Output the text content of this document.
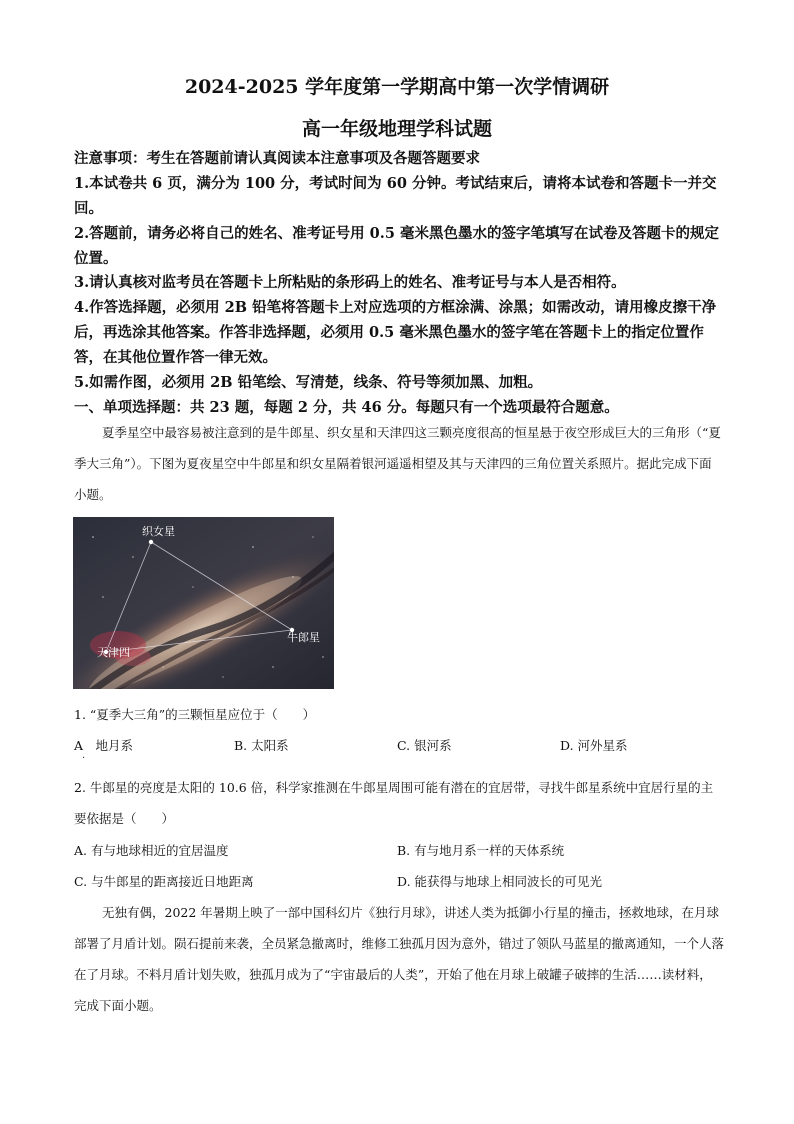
2024-2025 学年度第一学期高中第一次学情调研
高一年级地理学科试题
注意事项：考生在答题前请认真阅读本注意事项及各题答题要求
1.本试卷共 6 页，满分为 100 分，考试时间为 60 分钟。考试结束后，请将本试卷和答题卡一并交回。
2.答题前，请务必将自己的姓名、准考证号用 0.5 毫米黑色墨水的签字笔填写在试卷及答题卡的规定位置。
3.请认真核对监考员在答题卡上所粘贴的条形码上的姓名、准考证号与本人是否相符。
4.作答选择题，必须用 2B 铅笔将答题卡上对应选项的方框涂满、涂黑；如需改动，请用橡皮擦干净后，再选涂其他答案。作答非选择题，必须用 0.5 毫米黑色墨水的签字笔在答题卡上的指定位置作答，在其他位置作答一律无效。
5.如需作图，必须用 2B 铅笔绘、写清楚，线条、符号等须加黑、加粗。
一、单项选择题：共 23 题，每题 2 分，共 46 分。每题只有一个选项最符合题意。
夏季星空中最容易被注意到的是牛郎星、织女星和天津四这三颗亮度很高的恒星悬于夜空形成巨大的三角形（“夏季大三角”）。下图为夏夜星空中牛郎星和织女星隔着银河遥遥相望及其与天津四的三角位置关系照片。据此完成下面小题。
织女星
牛郎星
天津四
1. “夏季大三角”的三颗恒星应位于（　　）
A　地月系	B. 太阳系	C. 银河系	D. 河外星系
·
2. 牛郎星的亮度是太阳的 10.6 倍，科学家推测在牛郎星周围可能有潜在的宜居带，寻找牛郎星系统中宜居行星的主要依据是（　　）
A. 有与地球相近的宜居温度	B. 有与地月系一样的天体系统
C. 与牛郎星的距离接近日地距离	D. 能获得与地球上相同波长的可见光
无独有偶，2022 年暑期上映了一部中国科幻片《独行月球》，讲述人类为抵御小行星的撞击，拯救地球，在月球部署了月盾计划。陨石提前来袭，全员紧急撤离时，维修工独孤月因为意外，错过了领队马蓝星的撤离通知，一个人落在了月球。不料月盾计划失败，独孤月成为了“宇宙最后的人类”，开始了他在月球上破罐子破摔的生活……读材料，完成下面小题。
